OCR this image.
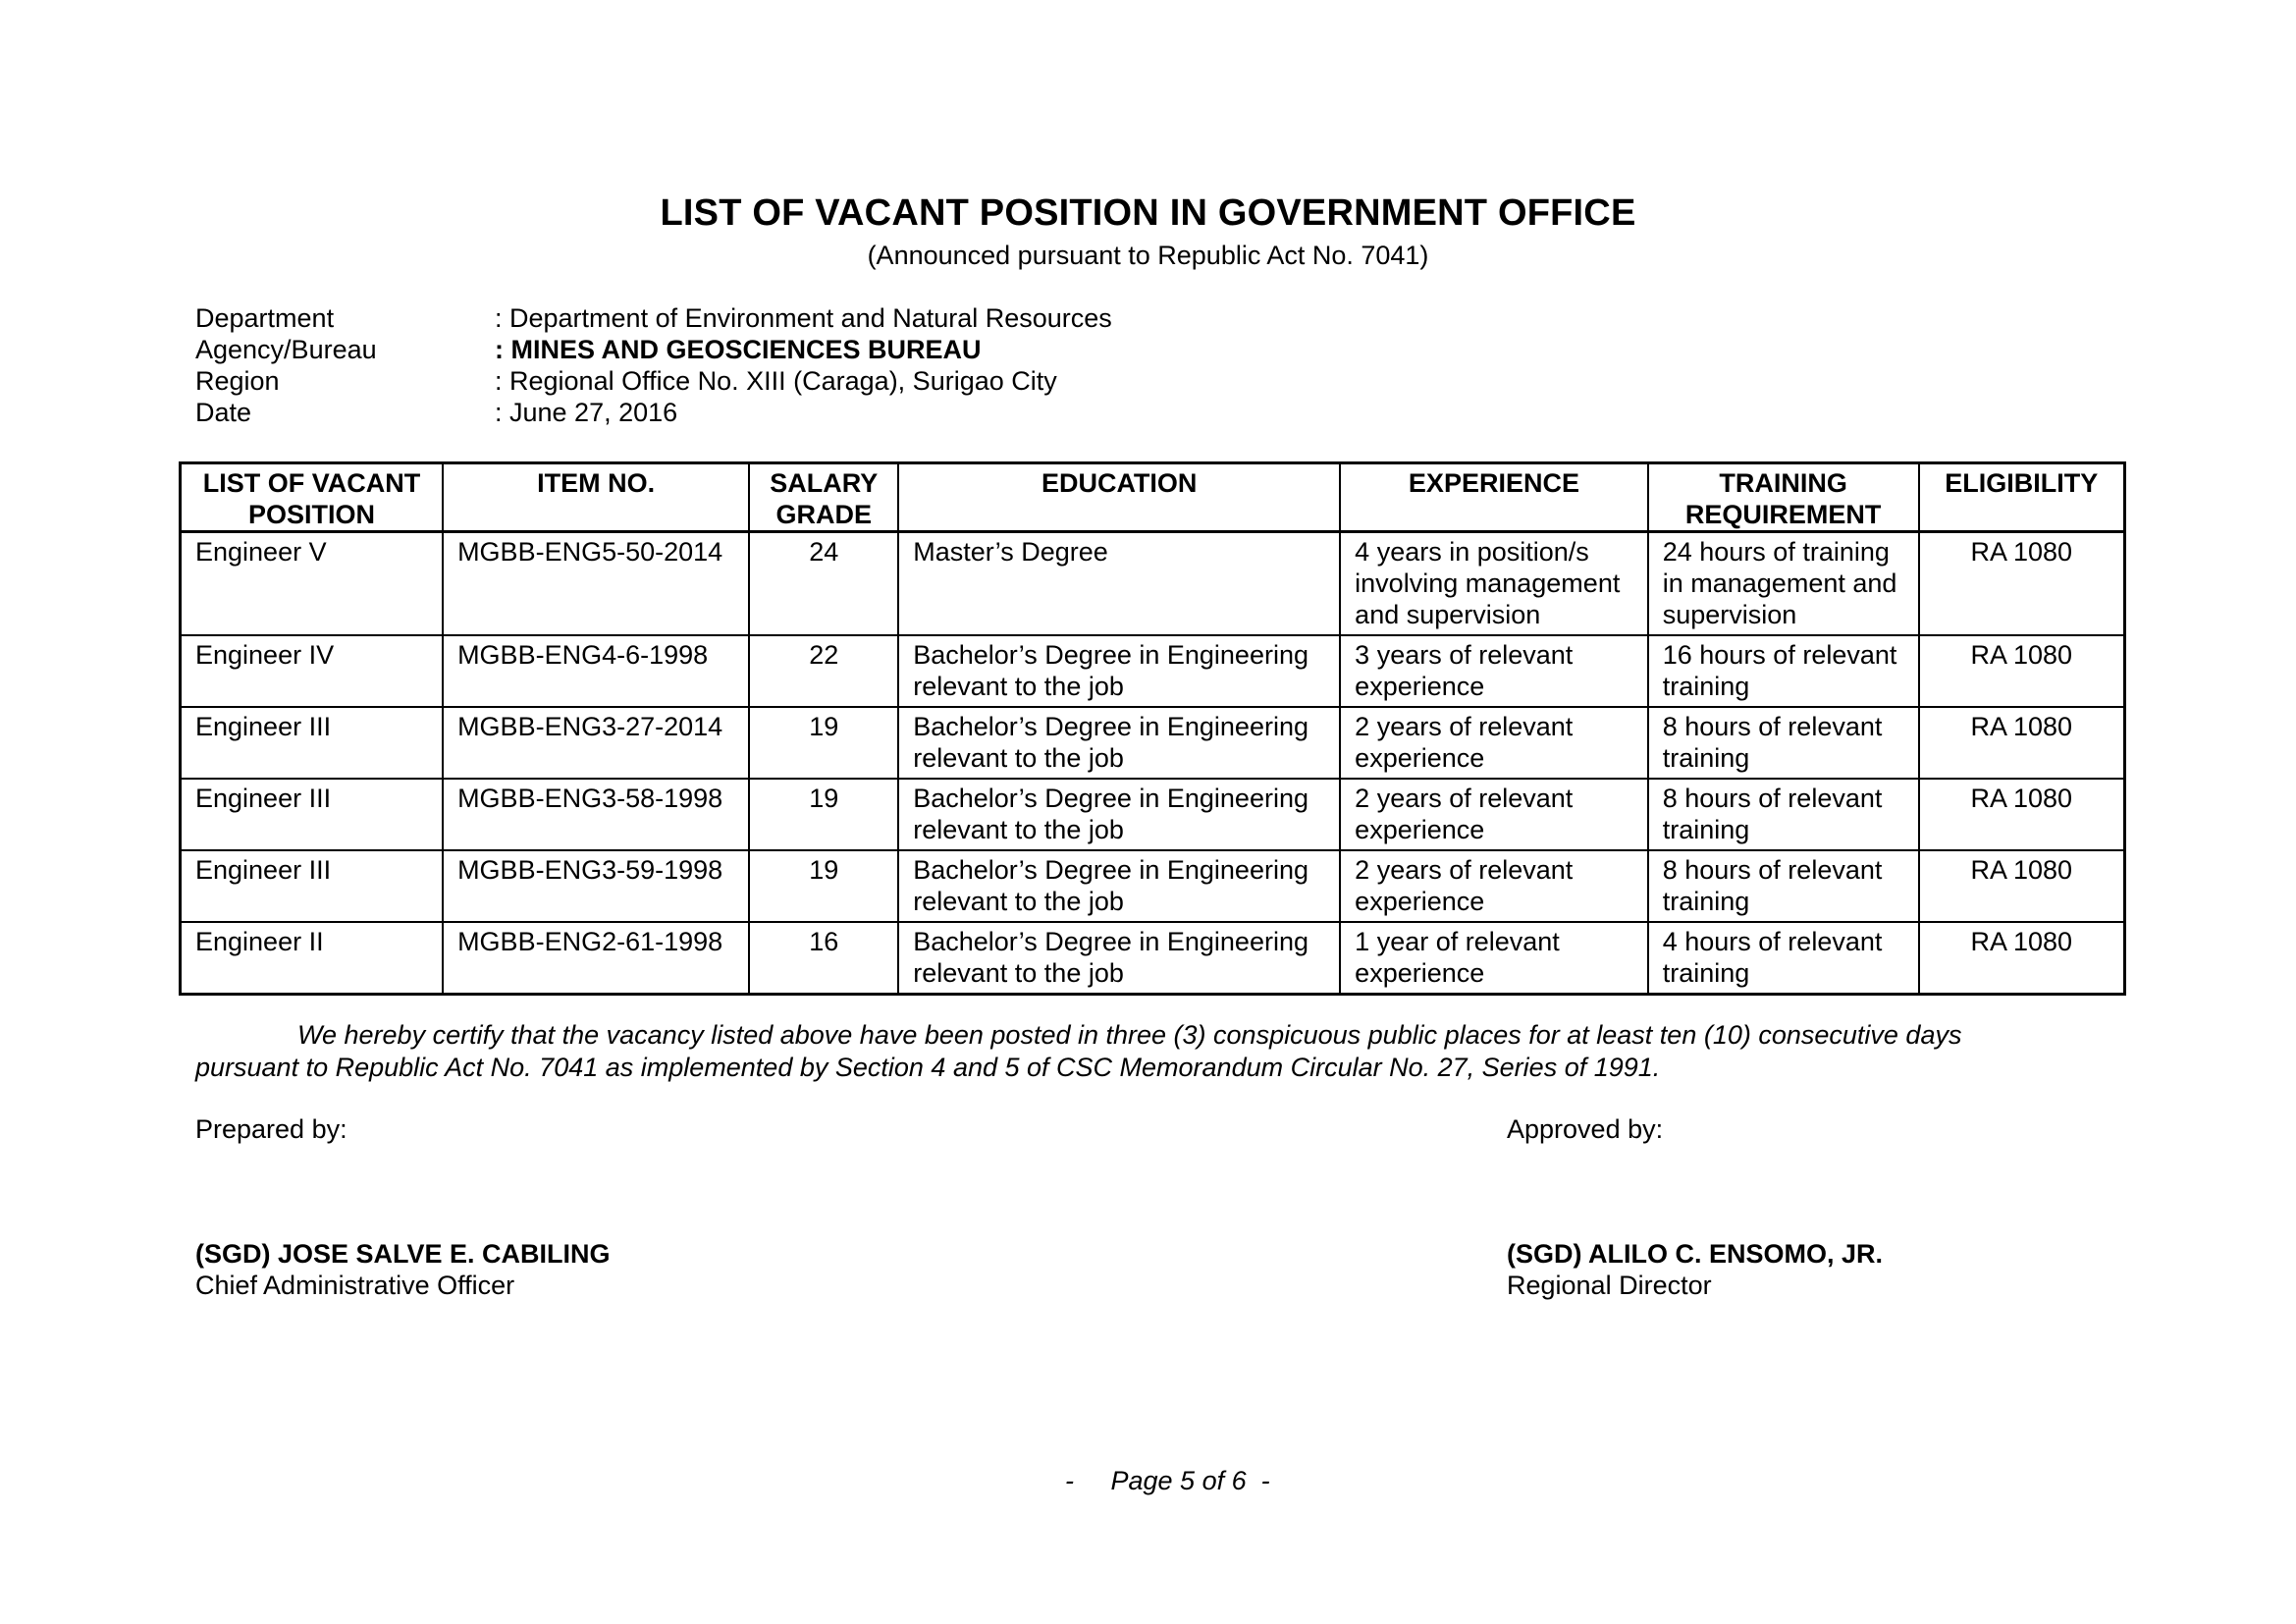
LIST OF VACANT POSITION IN GOVERNMENT OFFICE
(Announced pursuant to Republic Act No. 7041)
Department	: Department of Environment and Natural Resources
Agency/Bureau	: MINES AND GEOSCIENCES BUREAU
Region	: Regional Office No. XIII (Caraga), Surigao City
Date	: June 27, 2016
LIST OF VACANT POSITION	ITEM NO.	SALARY GRADE	EDUCATION	EXPERIENCE	TRAINING REQUIREMENT	ELIGIBILITY
Engineer V	MGBB-ENG5-50-2014	24	Master’s Degree	4 years in position/s involving management and supervision	24 hours of training in management and supervision	RA 1080
Engineer IV	MGBB-ENG4-6-1998	22	Bachelor’s Degree in Engineering relevant to the job	3 years of relevant experience	16 hours of relevant training	RA 1080
Engineer III	MGBB-ENG3-27-2014	19	Bachelor’s Degree in Engineering relevant to the job	2 years of relevant experience	8 hours of relevant training	RA 1080
Engineer III	MGBB-ENG3-58-1998	19	Bachelor’s Degree in Engineering relevant to the job	2 years of relevant experience	8 hours of relevant training	RA 1080
Engineer III	MGBB-ENG3-59-1998	19	Bachelor’s Degree in Engineering relevant to the job	2 years of relevant experience	8 hours of relevant training	RA 1080
Engineer II	MGBB-ENG2-61-1998	16	Bachelor’s Degree in Engineering relevant to the job	1 year of relevant experience	4 hours of relevant training	RA 1080
We hereby certify that the vacancy listed above have been posted in three (3) conspicuous public places for at least ten (10) consecutive days pursuant to Republic Act No. 7041 as implemented by Section 4 and 5 of CSC Memorandum Circular No. 27, Series of 1991.
Prepared by:	Approved by:
(SGD) JOSE SALVE E. CABILING
Chief Administrative Officer
(SGD) ALILO C. ENSOMO, JR.
Regional Director
-     Page 5 of 6  -
